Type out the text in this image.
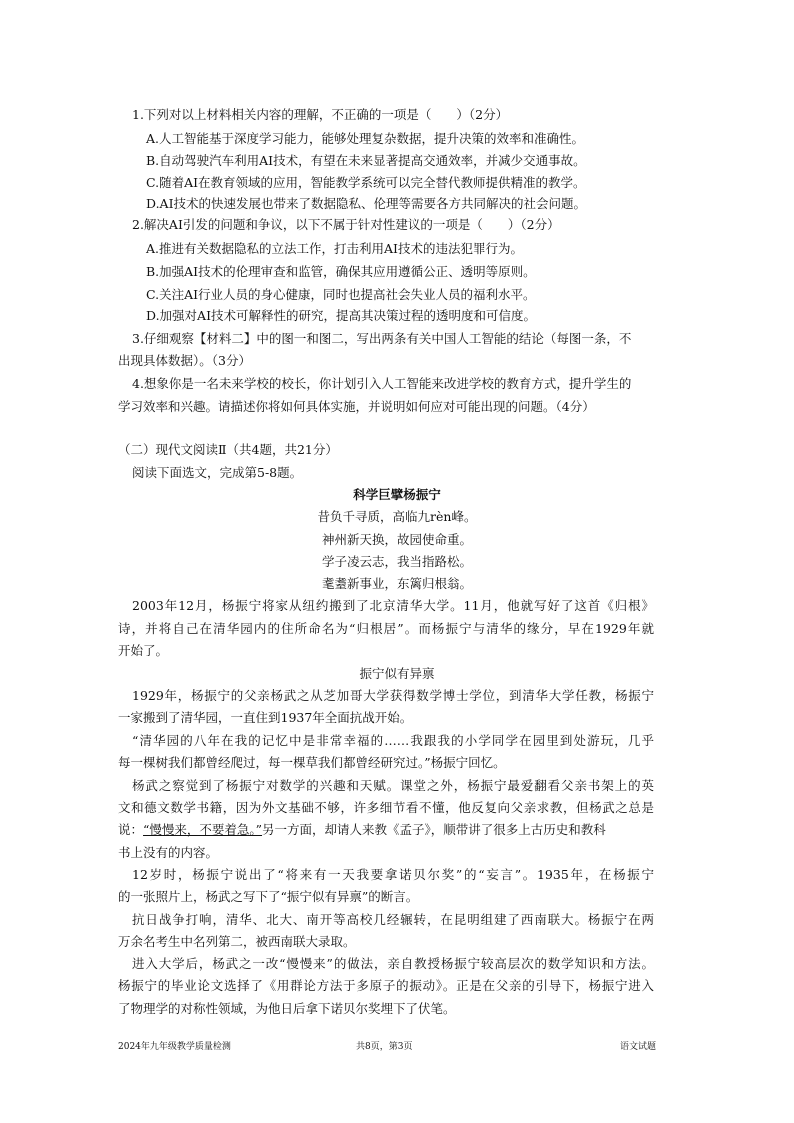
1.下列对以上材料相关内容的理解，不正确的一项是（　　）（2分）
A.人工智能基于深度学习能力，能够处理复杂数据，提升决策的效率和准确性。
B.自动驾驶汽车利用AI技术，有望在未来显著提高交通效率，并减少交通事故。
C.随着AI在教育领域的应用，智能教学系统可以完全替代教师提供精准的教学。
D.AI技术的快速发展也带来了数据隐私、伦理等需要各方共同解决的社会问题。
2.解决AI引发的问题和争议，以下不属于针对性建议的一项是（　　）（2分）
A.推进有关数据隐私的立法工作，打击利用AI技术的违法犯罪行为。
B.加强AI技术的伦理审查和监管，确保其应用遵循公正、透明等原则。
C.关注AI行业人员的身心健康，同时也提高社会失业人员的福利水平。
D.加强对AI技术可解释性的研究，提高其决策过程的透明度和可信度。
3.仔细观察【材料二】中的图一和图二，写出两条有关中国人工智能的结论（每图一条，不
出现具体数据）。（3分）
4.想象你是一名未来学校的校长，你计划引入人工智能来改进学校的教育方式，提升学生的
学习效率和兴趣。请描述你将如何具体实施，并说明如何应对可能出现的问题。（4分）
（二）现代文阅读Ⅱ（共4题，共21分）
阅读下面选文，完成第5-8题。
科学巨擘杨振宁
昔负千寻质，高临九rèn峰。
神州新天换，故园使命重。
学子凌云志，我当指路松。
耄耋新事业，东篱归根翁。
2003年12月，杨振宁将家从纽约搬到了北京清华大学。11月，他就写好了这首《归根》
诗，并将自己在清华园内的住所命名为“归根居”。而杨振宁与清华的缘分，早在1929年就
开始了。
振宁似有异禀
1929年，杨振宁的父亲杨武之从芝加哥大学获得数学博士学位，到清华大学任教，杨振宁
一家搬到了清华园，一直住到1937年全面抗战开始。
“清华园的八年在我的记忆中是非常幸福的……我跟我的小学同学在园里到处游玩，几乎
每一棵树我们都曾经爬过，每一棵草我们都曾经研究过。”杨振宁回忆。
杨武之察觉到了杨振宁对数学的兴趣和天赋。课堂之外，杨振宁最爱翻看父亲书架上的英
文和德文数学书籍，因为外文基础不够，许多细节看不懂，他反复向父亲求教，但杨武之总是
说：“慢慢来，不要着急。”另一方面，却请人来教《孟子》，顺带讲了很多上古历史和教科
书上没有的内容。
12岁时，杨振宁说出了“将来有一天我要拿诺贝尔奖”的“妄言”。1935年，在杨振宁
的一张照片上，杨武之写下了“振宁似有异禀”的断言。
抗日战争打响，清华、北大、南开等高校几经辗转，在昆明组建了西南联大。杨振宁在两
万余名考生中名列第二，被西南联大录取。
进入大学后，杨武之一改“慢慢来”的做法，亲自教授杨振宁较高层次的数学知识和方法。
杨振宁的毕业论文选择了《用群论方法于多原子的振动》。正是在父亲的引导下，杨振宁进入
了物理学的对称性领域，为他日后拿下诺贝尔奖埋下了伏笔。
2024年九年级教学质量检测	共8页，第3页	语文试题
